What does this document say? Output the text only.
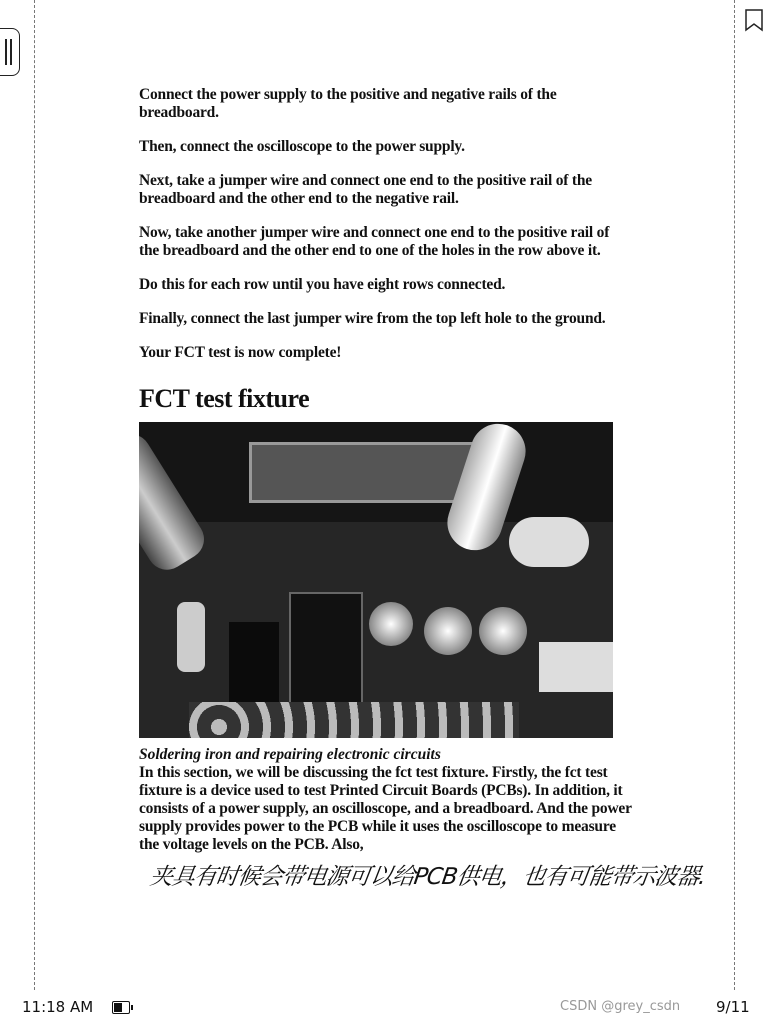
Connect the power supply to the positive and negative rails of the breadboard.

Then, connect the oscilloscope to the power supply.

Next, take a jumper wire and connect one end to the positive rail of the breadboard and the other end to the negative rail.

Now, take another jumper wire and connect one end to the positive rail of the breadboard and the other end to one of the holes in the row above it.

Do this for each row until you have eight rows connected.

Finally, connect the last jumper wire from the top left hole to the ground.

Your FCT test is now complete!

FCT test fixture
Soldering iron and repairing electronic circuits
In this section, we will be discussing the fct test fixture. Firstly, the fct test fixture is a device used to test Printed Circuit Boards (PCBs). In addition, it consists of a power supply, an oscilloscope, and a breadboard. And the power supply provides power to the PCB while it uses the oscilloscope to measure the voltage levels on the PCB. Also,
夹具有时候会带电源可以给PCB供电，也有可能带示波器.
11:18 AM	CSDN @grey_csdn 9/11
